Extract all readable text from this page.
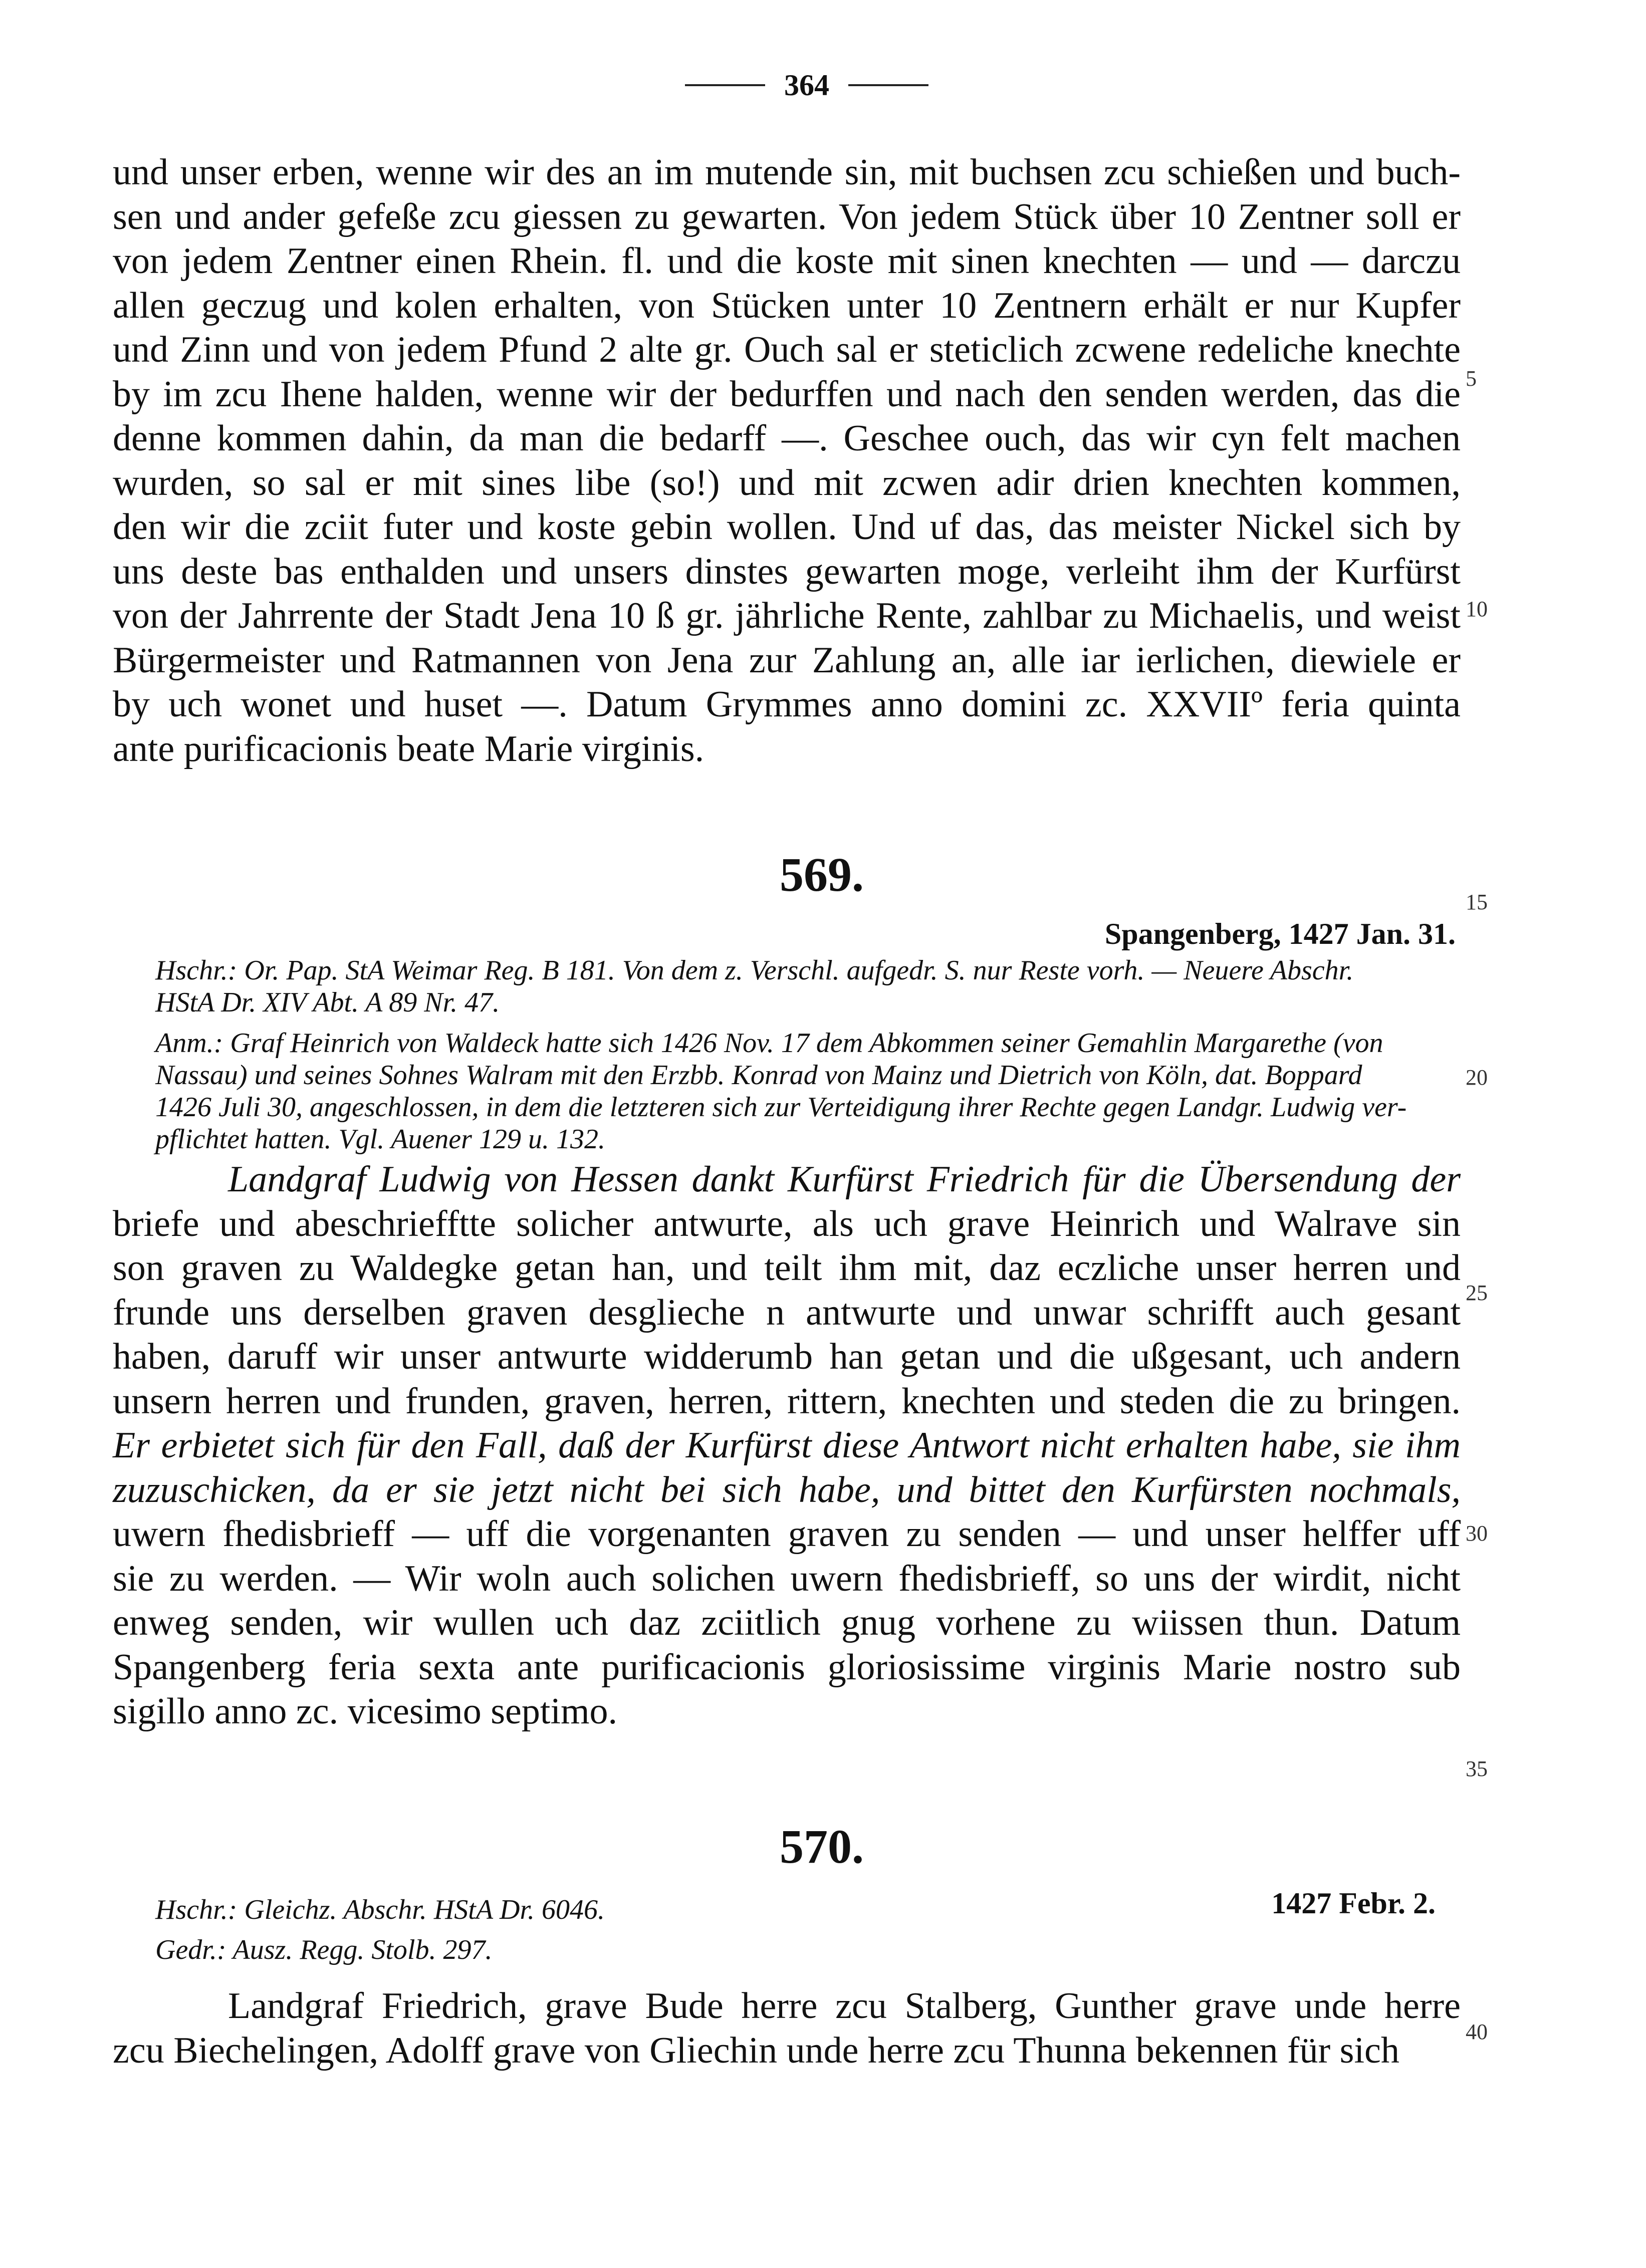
364
und unser erben, wenne wir des an im mutende sin, mit buchsen zcu schießen und buch-
sen und ander gefeße zcu giessen zu gewarten. Von jedem Stück über 10 Zentner soll er
von jedem Zentner einen Rhein. fl. und die koste mit sinen knechten — und — darczu
allen geczug und kolen erhalten, von Stücken unter 10 Zentnern erhält er nur Kupfer
und Zinn und von jedem Pfund 2 alte gr. Ouch sal er steticlich zcwene redeliche knechte
by im zcu Ihene halden, wenne wir der bedurffen und nach den senden werden, das die
denne kommen dahin, da man die bedarff —. Geschee ouch, das wir cyn felt machen
wurden, so sal er mit sines libe (so!) und mit zcwen adir drien knechten kommen,
den wir die zciit futer und koste gebin wollen. Und uf das, das meister Nickel sich by
uns deste bas enthalden und unsers dinstes gewarten moge, verleiht ihm der Kurfürst
von der Jahrrente der Stadt Jena 10 ß gr. jährliche Rente, zahlbar zu Michaelis, und weist
Bürgermeister und Ratmannen von Jena zur Zahlung an, alle iar ierlichen, diewiele er
by uch wonet und huset —. Datum Grymmes anno domini zc. XXVIIº feria quinta
ante purificacionis beate Marie virginis.
569.
Spangenberg, 1427 Jan. 31.
Hschr.: Or. Pap. StA Weimar Reg. B 181. Von dem z. Verschl. aufgedr. S. nur Reste vorh. — Neuere Abschr.
HStA Dr. XIV Abt. A 89 Nr. 47.
Anm.: Graf Heinrich von Waldeck hatte sich 1426 Nov. 17 dem Abkommen seiner Gemahlin Margarethe (von
Nassau) und seines Sohnes Walram mit den Erzbb. Konrad von Mainz und Dietrich von Köln, dat. Boppard
1426 Juli 30, angeschlossen, in dem die letzteren sich zur Verteidigung ihrer Rechte gegen Landgr. Ludwig ver-
pflichtet hatten. Vgl. Auener 129 u. 132.
Landgraf Ludwig von Hessen dankt Kurfürst Friedrich für die Übersendung der
briefe und abeschriefftte solicher antwurte, als uch grave Heinrich und Walrave sin
son graven zu Waldegke getan han, und teilt ihm mit, daz eczliche unser herren und
frunde uns derselben graven desglieche n antwurte und unwar schrifft auch gesant
haben, daruff wir unser antwurte widderumb han getan und die ußgesant, uch andern
unsern herren und frunden, graven, herren, rittern, knechten und steden die zu bringen.
Er erbietet sich für den Fall, daß der Kurfürst diese Antwort nicht erhalten habe, sie ihm
zuzuschicken, da er sie jetzt nicht bei sich habe, und bittet den Kurfürsten nochmals,
uwern fhedisbrieff — uff die vorgenanten graven zu senden — und unser helffer uff
sie zu werden. — Wir woln auch solichen uwern fhedisbrieff, so uns der wirdit, nicht
enweg senden, wir wullen uch daz zciitlich gnug vorhene zu wiissen thun. Datum
Spangenberg feria sexta ante purificacionis gloriosissime virginis Marie nostro sub
sigillo anno zc. vicesimo septimo.
570.
1427 Febr. 2.
Hschr.: Gleichz. Abschr. HStA Dr. 6046.
Gedr.: Ausz. Regg. Stolb. 297.
Landgraf Friedrich, grave Bude herre zcu Stalberg, Gunther grave unde herre
zcu Biechelingen, Adolff grave von Gliechin unde herre zcu Thunna bekennen für sich
5
10
15
20
25
30
35
40
